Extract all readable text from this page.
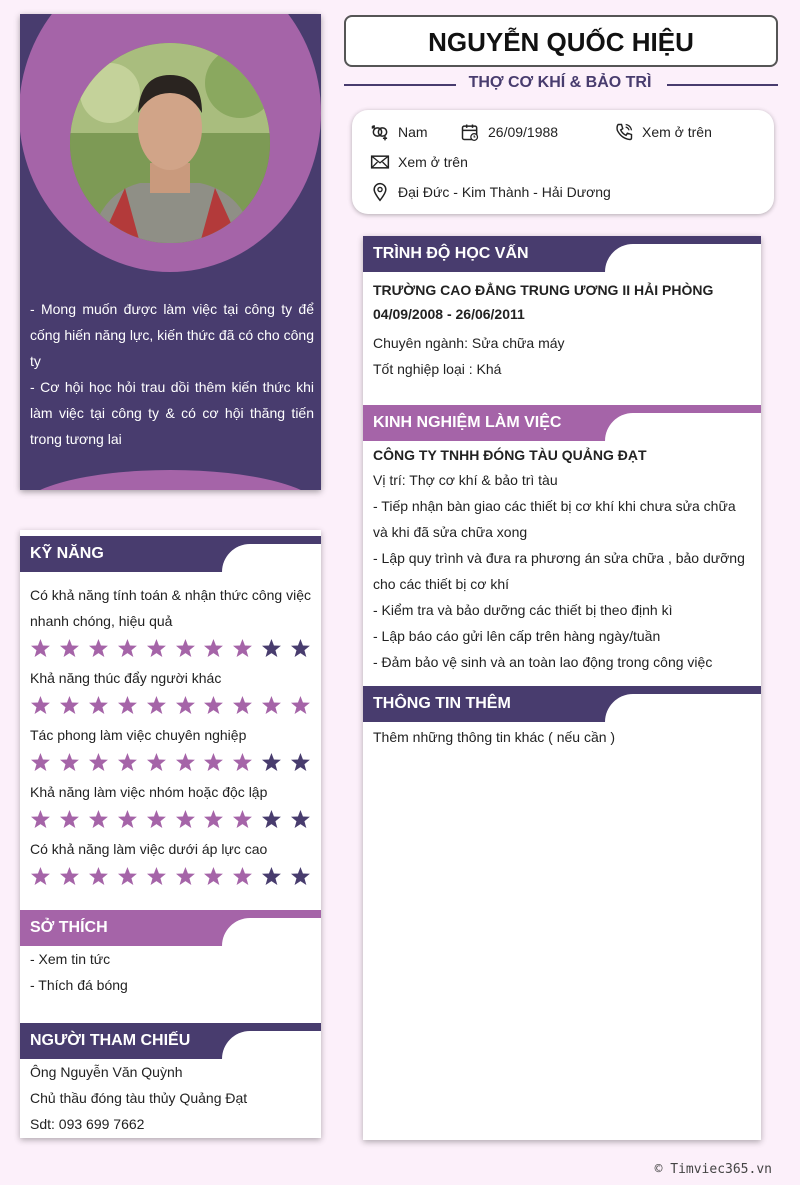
- Mong muốn được làm việc tại công ty để cống hiến năng lực, kiến thức đã có cho công ty

- Cơ hội học hỏi trau dồi thêm kiến thức khi làm việc tại công ty & có cơ hội thăng tiến trong tương lai

KỸ NĂNG
Có khả năng tính toán & nhận thức công việc nhanh chóng, hiệu quả
Khả năng thúc đẩy người khác
Tác phong làm việc chuyên nghiệp
Khả năng làm việc nhóm hoặc độc lập
Có khả năng làm việc dưới áp lực cao
SỞ THÍCH
- Xem tin tức
- Thích đá bóng
NGƯỜI THAM CHIẾU
Ông Nguyễn Văn Quỳnh
Chủ thầu đóng tàu thủy Quảng Đạt
Sdt: 093 699 7662
NGUYỄN QUỐC HIỆU
THỢ CƠ KHÍ & BẢO TRÌ
Nam	26/09/1988	Xem ở trên
Xem ở trên
Đại Đức - Kim Thành - Hải Dương
TRÌNH ĐỘ HỌC VẤN
TRƯỜNG CAO ĐẲNG TRUNG ƯƠNG II HẢI PHÒNG
04/09/2008 - 26/06/2011
Chuyên ngành: Sửa chữa máy
Tốt nghiệp loại : Khá
KINH NGHIỆM LÀM VIỆC
CÔNG TY TNHH ĐÓNG TÀU QUẢNG ĐẠT
Vị trí: Thợ cơ khí & bảo trì tàu
- Tiếp nhận bàn giao các thiết bị cơ khí khi chưa sửa chữa và khi đã sửa chữa xong
- Lập quy trình và đưa ra phương án sửa chữa , bảo dưỡng cho các thiết bị cơ khí
- Kiểm tra và bảo dưỡng các thiết bị theo định kì
- Lập báo cáo gửi lên cấp trên hàng ngày/tuần
- Đảm bảo vệ sinh và an toàn lao động trong công việc
THÔNG TIN THÊM
Thêm những thông tin khác ( nếu cần )
© Timviec365.vn
